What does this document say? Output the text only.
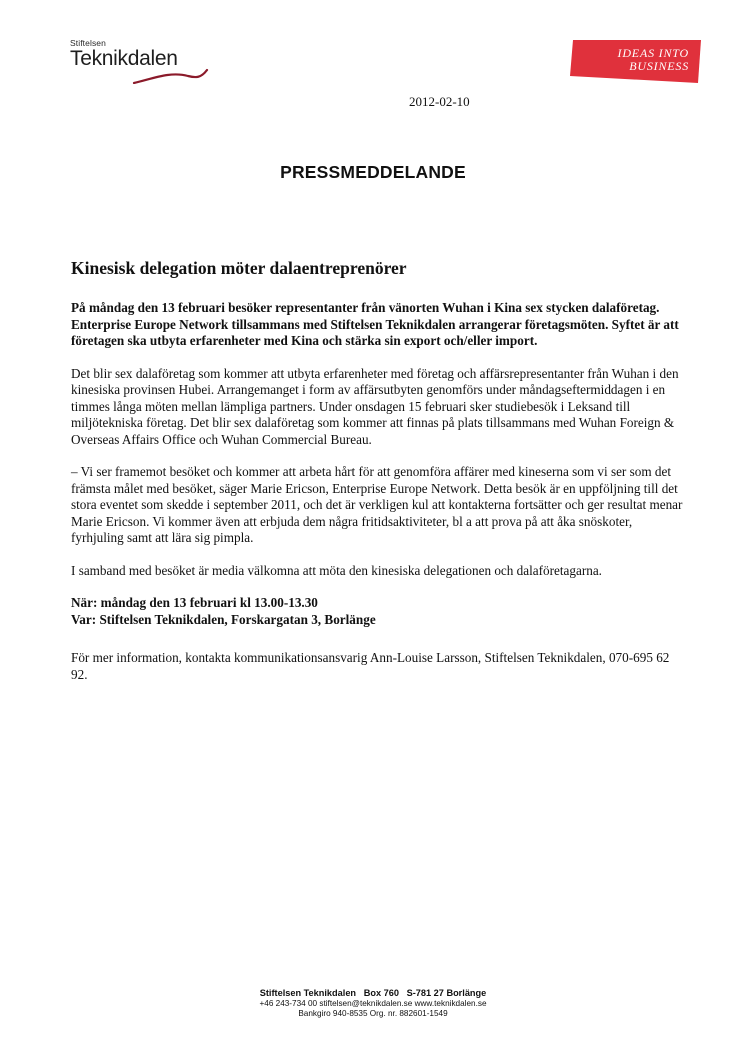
Stiftelsen
Teknikdalen	IDEAS INTO
BUSINESS
2012-02-10
PRESSMEDDELANDE
Kinesisk delegation möter dalaentreprenörer

På måndag den 13 februari besöker representanter från vänorten Wuhan i Kina sex stycken dalaföretag. Enterprise Europe Network tillsammans med Stiftelsen Teknikdalen arrangerar företagsmöten. Syftet är att företagen ska utbyta erfarenheter med Kina och stärka sin export och/eller import.

Det blir sex dalaföretag som kommer att utbyta erfarenheter med företag och affärsrepresentanter från Wuhan i den kinesiska provinsen Hubei. Arrangemanget i form av affärsutbyten genomförs under måndagseftermiddagen i en timmes långa möten mellan lämpliga partners. Under onsdagen 15 februari sker studiebesök i Leksand till miljötekniska företag. Det blir sex dalaföretag som kommer att finnas på plats tillsammans med Wuhan Foreign & Overseas Affairs Office och Wuhan Commercial Bureau.

– Vi ser framemot besöket och kommer att arbeta hårt för att genomföra affärer med kineserna som vi ser som det främsta målet med besöket, säger Marie Ericson, Enterprise Europe Network. Detta besök är en uppföljning till det stora eventet som skedde i september 2011, och det är verkligen kul att kontakterna fortsätter och ger resultat menar Marie Ericson. Vi kommer även att erbjuda dem några fritidsaktiviteter, bl a att prova på att åka snöskoter, fyrhjuling samt att lära sig pimpla.

I samband med besöket är media välkomna att möta den kinesiska delegationen och dalaföretagarna.

När: måndag den 13 februari kl 13.00-13.30

Var: Stiftelsen Teknikdalen, Forskargatan 3, Borlänge

För mer information, kontakta kommunikationsansvarig Ann-Louise Larsson, Stiftelsen Teknikdalen, 070-695 62 92.

Stiftelsen Teknikdalen   Box 760   S-781 27 Borlänge
+46 243-734 00 stiftelsen@teknikdalen.se www.teknikdalen.se
Bankgiro 940-8535 Org. nr. 882601-1549
